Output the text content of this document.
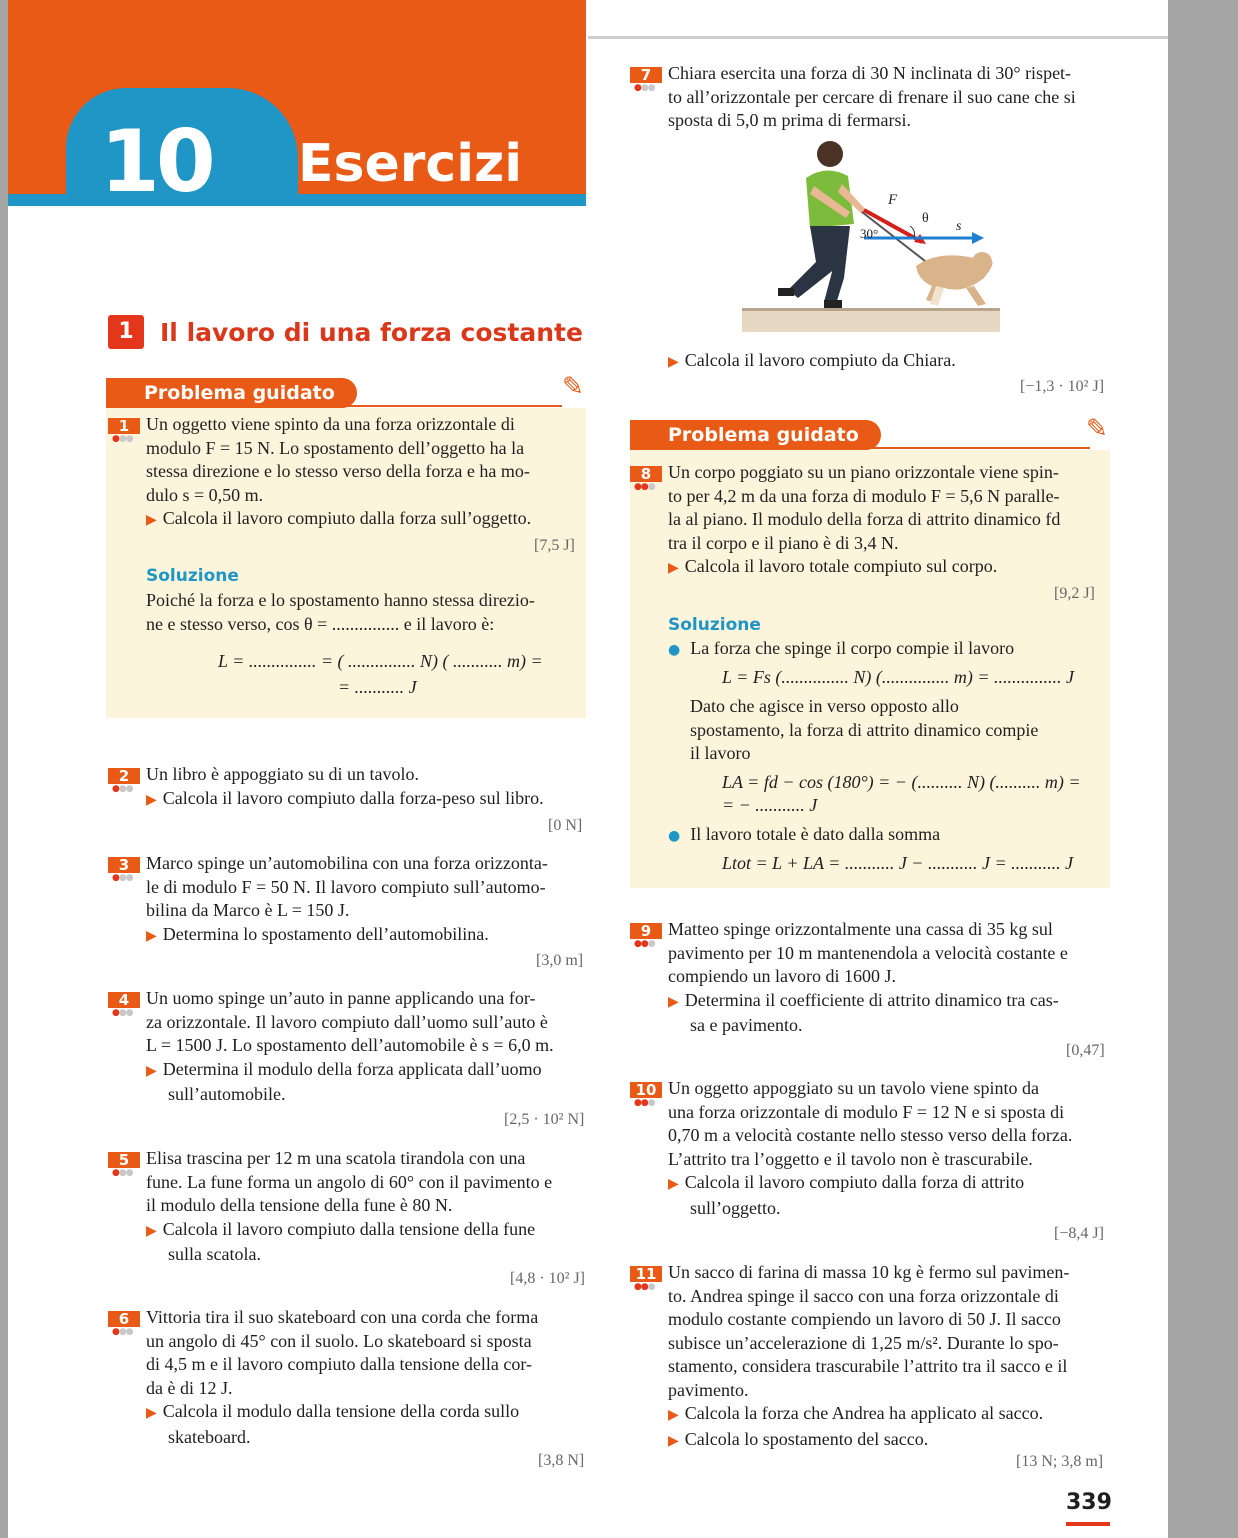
10 Esercizi
1	Il lavoro di una forza costante
Problema guidato	✎
1
●●●

Un oggetto viene spinto da una forza orizzontale di

modulo F = 15 N. Lo spostamento dell’oggetto ha la

stessa direzione e lo stesso verso della forza e ha mo-

dulo s = 0,50 m.

▶ Calcola il lavoro compiuto dalla forza sull’oggetto.

[7,5 J]
Soluzione

Poiché la forza e lo spostamento hanno stessa direzio-

ne e stesso verso, cos θ = ............... e il lavoro è:

L = ............... = ( ............... N) ( ........... m) =
= ........... J
2
●●●

Un libro è appoggiato su di un tavolo.

▶ Calcola il lavoro compiuto dalla forza-peso sul libro.

[0 N]
3
●●●

Marco spinge un’automobilina con una forza orizzonta-

le di modulo F = 50 N. Il lavoro compiuto sull’automo-

bilina da Marco è L = 150 J.

▶ Determina lo spostamento dell’automobilina.

[3,0 m]
4
●●●

Un uomo spinge un’auto in panne applicando una for-

za orizzontale. Il lavoro compiuto dall’uomo sull’auto è

L = 1500 J. Lo spostamento dell’automobile è s = 6,0 m.

▶ Determina il modulo della forza applicata dall’uomo

sull’automobile.

[2,5 · 10² N]
5
●●●

Elisa trascina per 12 m una scatola tirandola con una

fune. La fune forma un angolo di 60° con il pavimento e

il modulo della tensione della fune è 80 N.

▶ Calcola il lavoro compiuto dalla tensione della fune

sulla scatola.

[4,8 · 10² J]
6
●●●

Vittoria tira il suo skateboard con una corda che forma

un angolo di 45° con il suolo. Lo skateboard si sposta

di 4,5 m e il lavoro compiuto dalla tensione della cor-

da è di 12 J.

▶ Calcola il modulo dalla tensione della corda sullo

skateboard.

[3,8 N]
7
●●●

Chiara esercita una forza di 30 N inclinata di 30° rispet-

to all’orizzontale per cercare di frenare il suo cane che si

sposta di 5,0 m prima di fermarsi.

F
θ
30°	s

▶ Calcola il lavoro compiuto da Chiara.

[−1,3 · 10² J]
Problema guidato	✎
8
●●●

Un corpo poggiato su un piano orizzontale viene spin-

to per 4,2 m da una forza di modulo F = 5,6 N paralle-

la al piano. Il modulo della forza di attrito dinamico fd

tra il corpo e il piano è di 3,4 N.

▶ Calcola il lavoro totale compiuto sul corpo.

[9,2 J]
Soluzione

● La forza che spinge il corpo compie il lavoro

L = Fs (............... N) (............... m) = ............... J

Dato che agisce in verso opposto allo

spostamento, la forza di attrito dinamico compie

il lavoro

LA = fd − cos (180°) = − (.......... N) (.......... m) =
= − ........... J

● Il lavoro totale è dato dalla somma

Ltot = L + LA = ........... J − ........... J = ........... J
9
●●●

Matteo spinge orizzontalmente una cassa di 35 kg sul

pavimento per 10 m mantenendola a velocità costante e

compiendo un lavoro di 1600 J.

▶ Determina il coefficiente di attrito dinamico tra cas-

sa e pavimento.

[0,47]
10
●●●

Un oggetto appoggiato su un tavolo viene spinto da

una forza orizzontale di modulo F = 12 N e si sposta di

0,70 m a velocità costante nello stesso verso della forza.

L’attrito tra l’oggetto e il tavolo non è trascurabile.

▶ Calcola il lavoro compiuto dalla forza di attrito

sull’oggetto.

[−8,4 J]
11
●●●

Un sacco di farina di massa 10 kg è fermo sul pavimen-

to. Andrea spinge il sacco con una forza orizzontale di

modulo costante compiendo un lavoro di 50 J. Il sacco

subisce un’accelerazione di 1,25 m/s². Durante lo spo-

stamento, considera trascurabile l’attrito tra il sacco e il

pavimento.

▶ Calcola la forza che Andrea ha applicato al sacco.

▶ Calcola lo spostamento del sacco.

[13 N; 3,8 m]
339
